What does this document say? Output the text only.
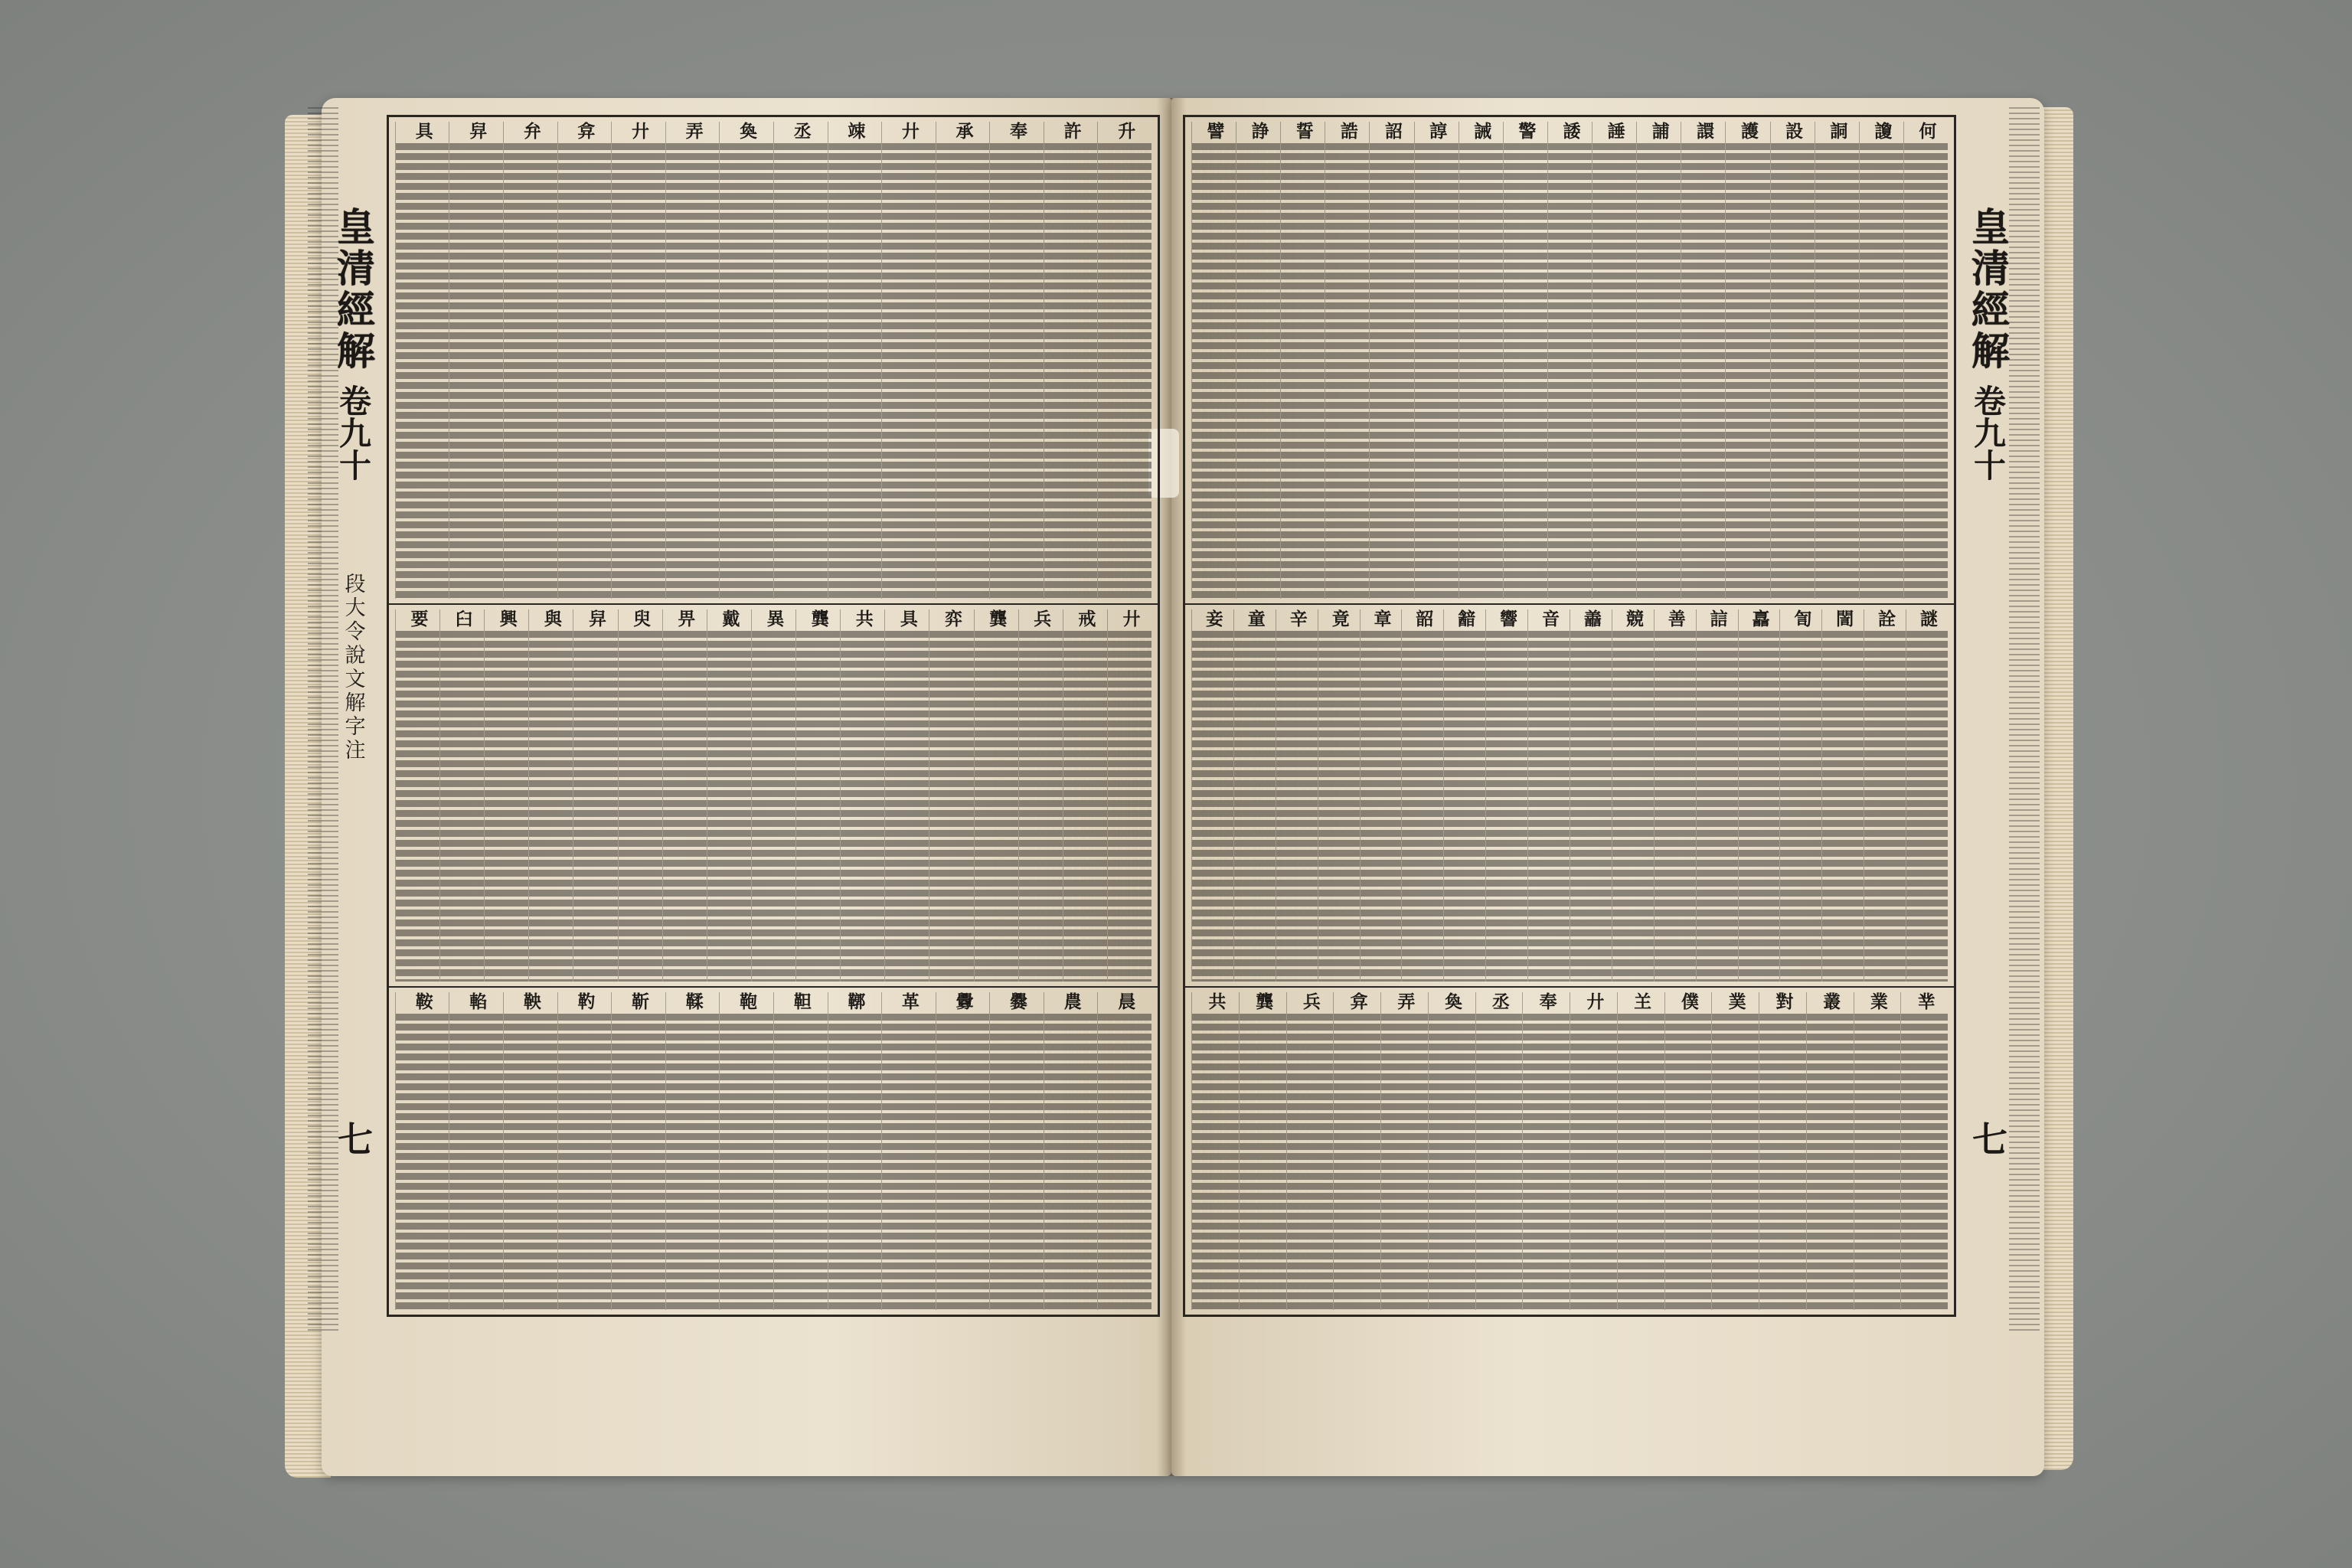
皇清經解
卷九十
段大令說文解字注
七
皇清經解
卷九十
七
升
許
奉
承
廾
竦
丞
奐
弄
廾
弇
弁
舁
具
廾
戒
兵
龔
弈
具
共
龔
異
戴
畀
臾
舁
與
興
臼
要
晨
農
爨
釁
革
鞹
靼
鞄
鞣
靳
靮
鞅
輡
鞍
何
讂
詷
設
護
譞
誧
諈
諉
警
誡
諄
詔
誥
誓
諍
譬
謎
詮
誾
訇
譶
誩
善
競
譱
音
響
韽
韶
章
竟
辛
童
妾
丵
業
叢
對
菐
僕
𦍌
廾
奉
丞
奐
弄
弇
兵
龔
共
